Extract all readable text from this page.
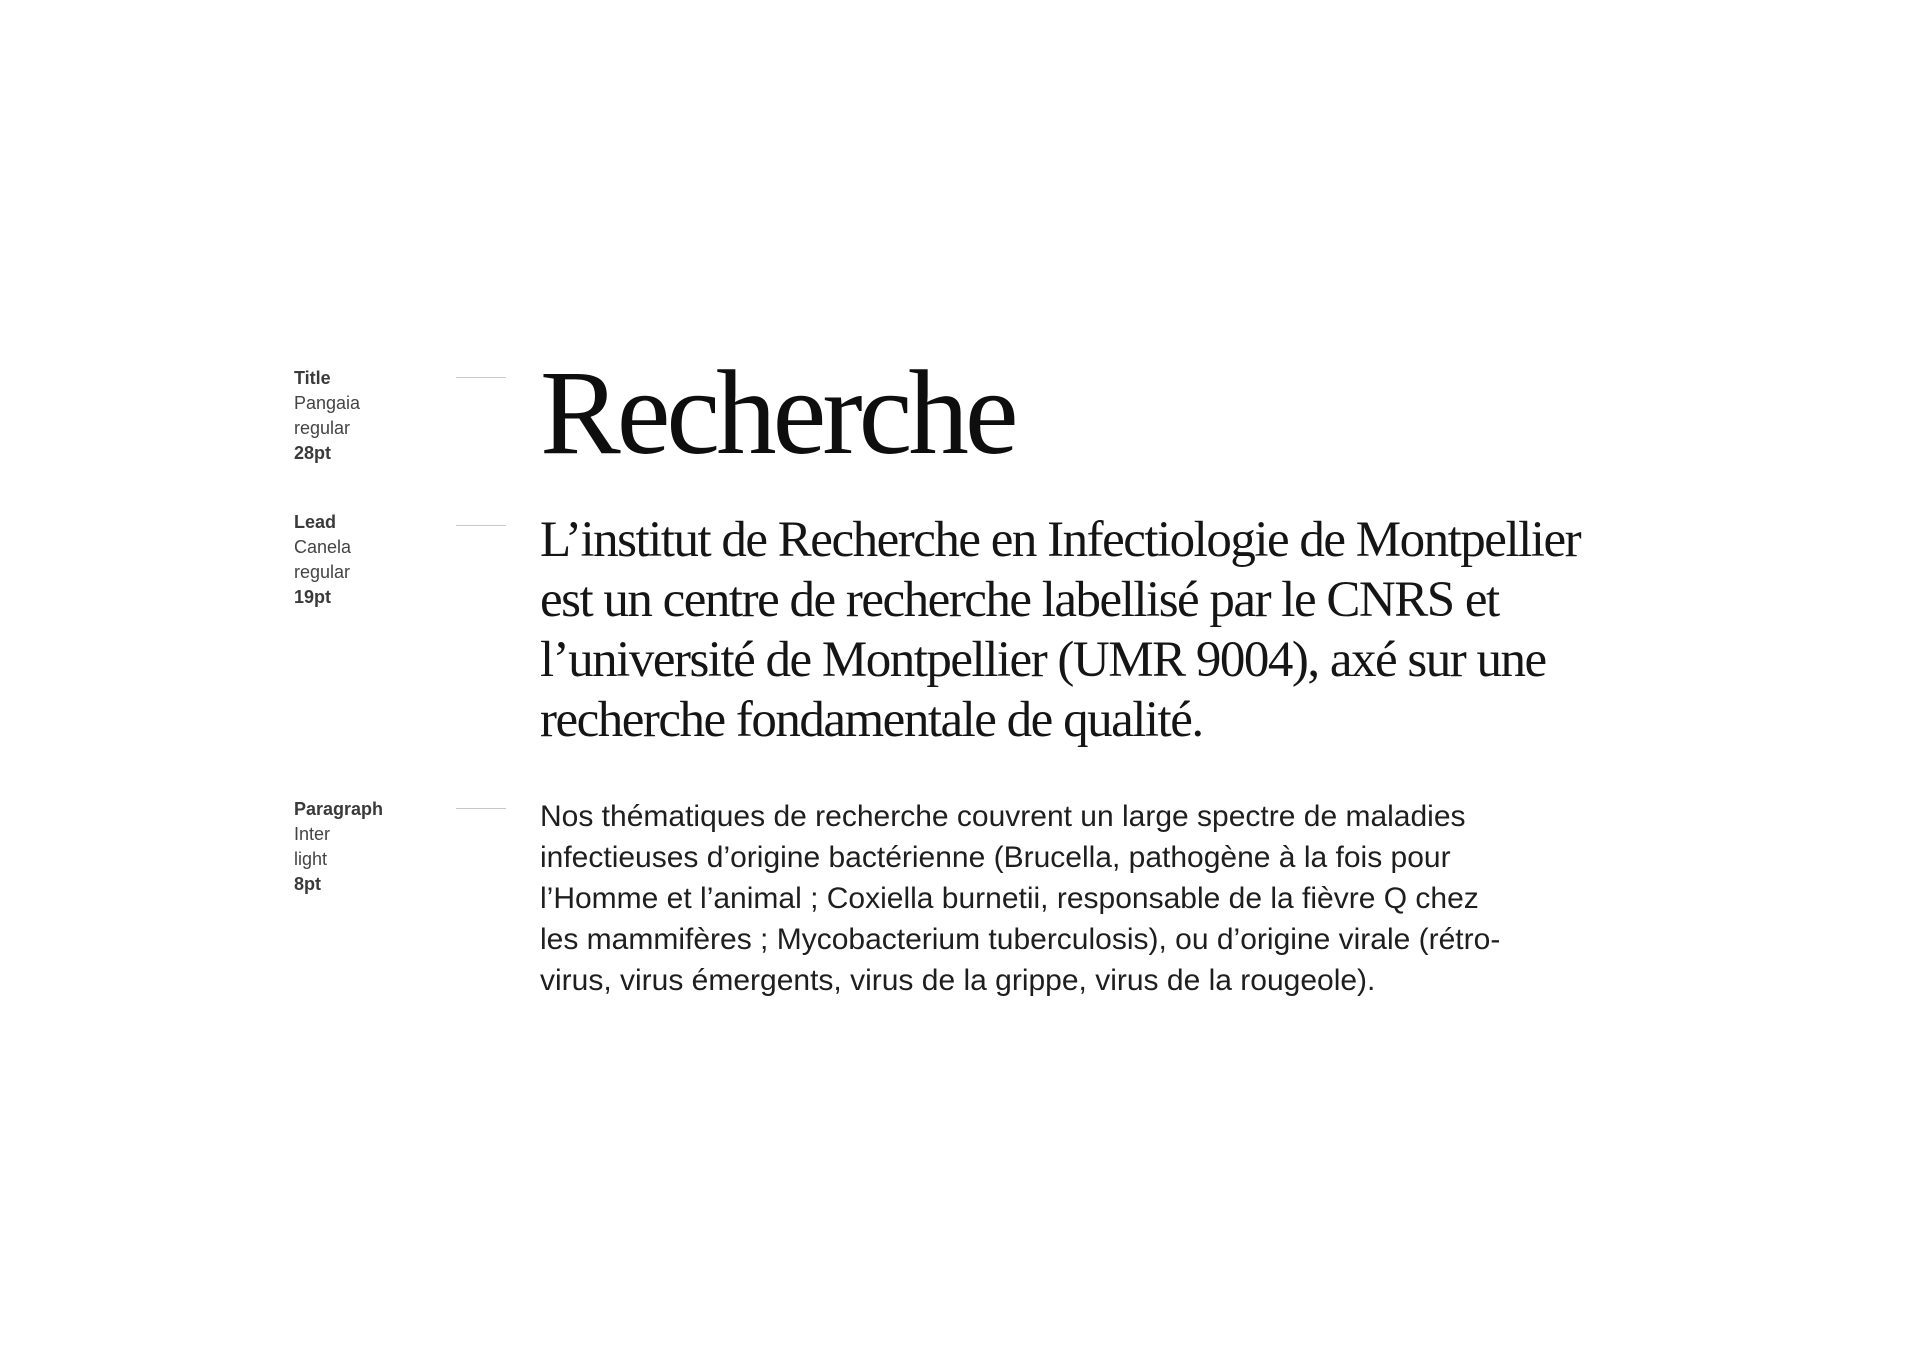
Title
Pangaia
regular
28pt Recherche
Lead
Canela
regular
19pt
L’institut de Recherche en Infectiologie de Montpellier
est un centre de recherche labellisé par le CNRS et
l’université de Montpellier (UMR 9004), axé sur une
recherche fondamentale de qualité.
Paragraph
Inter
light
8pt
Nos thématiques de recherche couvrent un large spectre de maladies
infectieuses d’origine bactérienne (Brucella, pathogène à la fois pour
l’Homme et l’animal ; Coxiella burnetii, responsable de la fièvre Q chez
les mammifères ; Mycobacterium tuberculosis), ou d’origine virale (rétro-
virus, virus émergents, virus de la grippe, virus de la rougeole).
